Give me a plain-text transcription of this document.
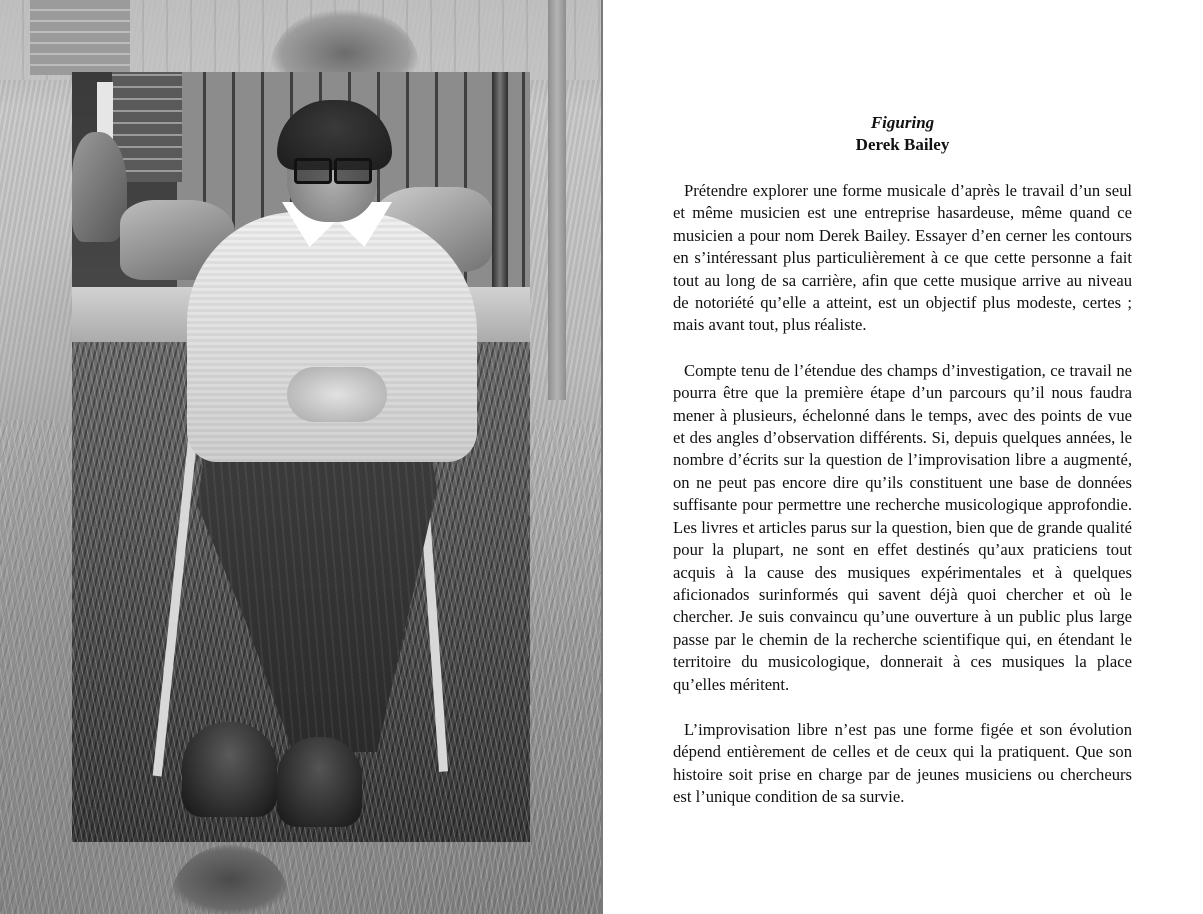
Figuring

Derek Bailey

Prétendre explorer une forme musicale d’après le travail d’un seul et même musicien est une entreprise hasardeuse, même quand ce musicien a pour nom Derek Bailey. Essayer d’en cerner les contours en s’intéressant plus particulièrement à ce que cette personne a fait tout au long de sa carrière, afin que cette musique arrive au niveau de notoriété qu’elle a atteint, est un objectif plus modeste, certes ; mais avant tout, plus réaliste.

Compte tenu de l’étendue des champs d’investigation, ce travail ne pourra être que la première étape d’un parcours qu’il nous faudra mener à plusieurs, échelonné dans le temps, avec des points de vue et des angles d’observation différents. Si, depuis quelques années, le nombre d’écrits sur la question de l’improvisation libre a augmenté, on ne peut pas encore dire qu’ils constituent une base de données suffisante pour permettre une recherche musicologique approfondie. Les livres et articles parus sur la question, bien que de grande qualité pour la plupart, ne sont en effet destinés qu’aux praticiens tout acquis à la cause des musiques expérimentales et à quelques aficionados surinformés qui savent déjà quoi chercher et où le chercher. Je suis convaincu qu’une ouverture à un public plus large passe par le chemin de la recherche scientifique qui, en étendant le territoire du musicologique, donnerait à ces musiques la place qu’elles méritent.

L’improvisation libre n’est pas une forme figée et son évolution dépend entièrement de celles et de ceux qui la pratiquent. Que son histoire soit prise en charge par de jeunes musiciens ou chercheurs est l’unique condition de sa survie.
